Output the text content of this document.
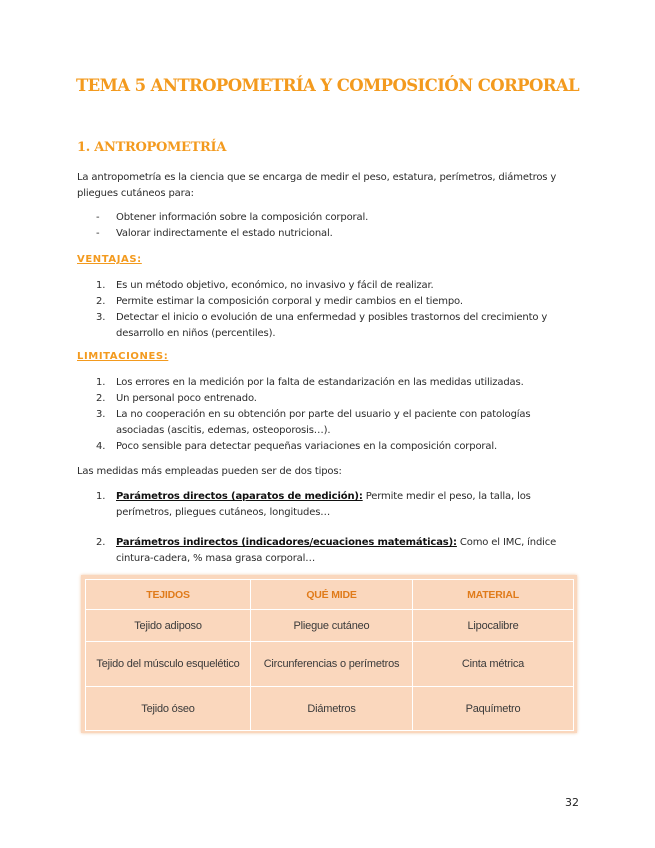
TEMA 5 ANTROPOMETRÍA Y COMPOSICIÓN CORPORAL
1. ANTROPOMETRÍA

La antropometría es la ciencia que se encarga de medir el peso, estatura, perímetros, diámetros y pliegues cutáneos para:

- Obtener información sobre la composición corporal.
- Valorar indirectamente el estado nutricional.

VENTAJAS:

1. Es un método objetivo, económico, no invasivo y fácil de realizar.
2. Permite estimar la composición corporal y medir cambios en el tiempo.
3. Detectar el inicio o evolución de una enfermedad y posibles trastornos del crecimiento y desarrollo en niños (percentiles).

LIMITACIONES:

1. Los errores en la medición por la falta de estandarización en las medidas utilizadas.
2. Un personal poco entrenado.
3. La no cooperación en su obtención por parte del usuario y el paciente con patologías asociadas (ascitis, edemas, osteoporosis…).
4. Poco sensible para detectar pequeñas variaciones en la composición corporal.

Las medidas más empleadas pueden ser de dos tipos:

1. Parámetros directos (aparatos de medición): Permite medir el peso, la talla, los perímetros, pliegues cutáneos, longitudes…
2. Parámetros indirectos (indicadores/ecuaciones matemáticas): Como el IMC, índice cintura-cadera, % masa grasa corporal…
TEJIDOS	QUÉ MIDE	MATERIAL
Tejido adiposo	Pliegue cutáneo	Lipocalibre
Tejido del músculo esquelético	Circunferencias o perímetros	Cinta métrica
Tejido óseo	Diámetros	Paquímetro

32
